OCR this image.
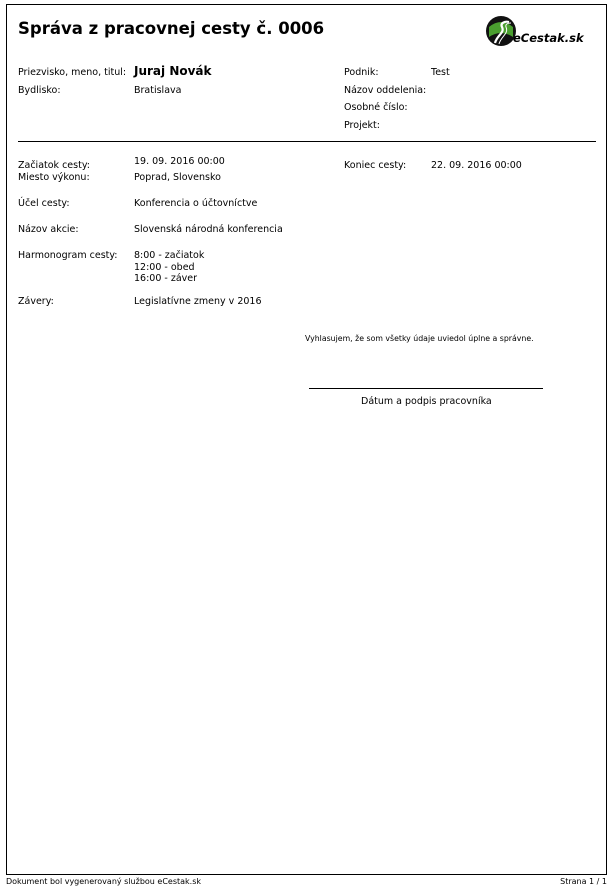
Správa z pracovnej cesty č. 0006	eCestak.sk
Priezvisko, meno, titul: Juraj Novák
Bydlisko:	Bratislava
Podnik:	Test
Názov oddelenia:
Osobné číslo:
Projekt:
Začiatok cesty:	19. 09. 2016 00:00	Koniec cesty:	22. 09. 2016 00:00
Miesto výkonu:	Poprad, Slovensko
Účel cesty:	Konferencia o účtovníctve
Názov akcie:	Slovenská národná konferencia
Harmonogram cesty: 8:00 - začiatok
12:00 - obed
16:00 - záver
Závery:	Legislatívne zmeny v 2016
Vyhlasujem, že som všetky údaje uviedol úplne a správne.
Dátum a podpis pracovníka
Dokument bol vygenerovaný službou eCestak.sk	Strana 1 / 1
